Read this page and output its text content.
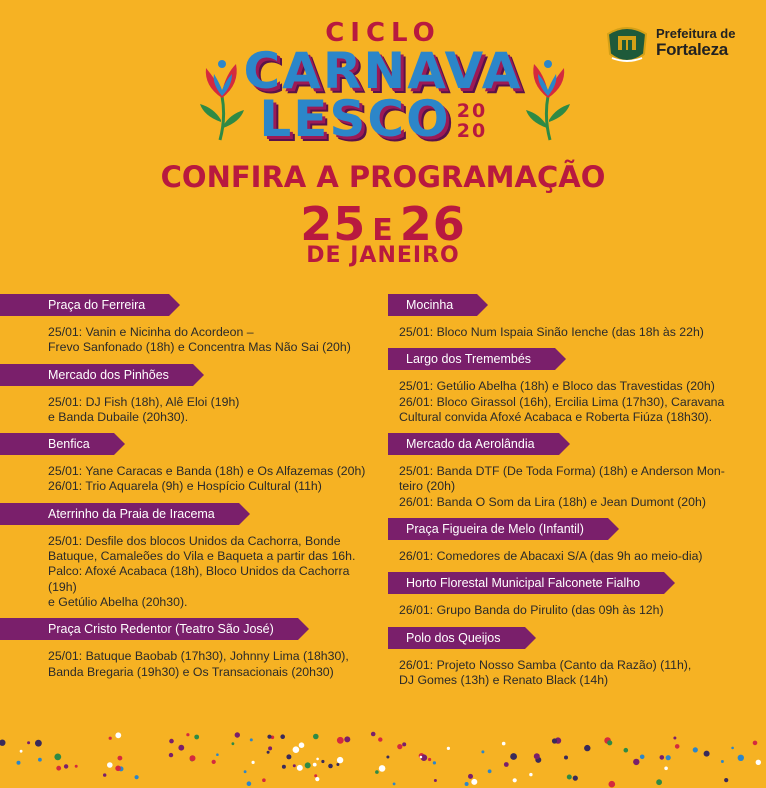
CICLO
CARNAVA
LESCO 20
20
Prefeitura de
Fortaleza
CONFIRA A PROGRAMAÇÃO
25 E 26
DE JANEIRO
Praça do Ferreira
25/01: Vanin e Nicinha do Acordeon –
Frevo Sanfonado (18h) e Concentra Mas Não Sai (20h)
Mercado dos Pinhões
25/01: DJ Fish (18h), Alê Eloi (19h)
e Banda Dubaile (20h30).
Benfica
25/01: Yane Caracas e Banda (18h) e Os Alfazemas (20h)
26/01: Trio Aquarela (9h) e Hospício Cultural (11h)
Aterrinho da Praia de Iracema
25/01: Desfile dos blocos Unidos da Cachorra, Bonde
Batuque, Camaleões do Vila e Baqueta a partir das 16h.
Palco: Afoxé Acabaca (18h), Bloco Unidos da Cachorra (19h)
e Getúlio Abelha (20h30).
Praça Cristo Redentor (Teatro São José)
25/01: Batuque Baobab (17h30), Johnny Lima (18h30),
Banda Bregaria (19h30) e Os Transacionais (20h30)
Mocinha
25/01: Bloco Num Ispaia Sinão Ienche (das 18h às 22h)
Largo dos Tremembés
25/01: Getúlio Abelha (18h) e Bloco das Travestidas (20h)
26/01: Bloco Girassol (16h), Ercilia Lima (17h30), Caravana
Cultural convida Afoxé Acabaca e Roberta Fiúza (18h30).
Mercado da Aerolândia
25/01: Banda DTF (De Toda Forma) (18h) e Anderson Mon-
teiro (20h)
26/01: Banda O Som da Lira (18h) e Jean Dumont (20h)
Praça Figueira de Melo (Infantil)
26/01: Comedores de Abacaxi S/A (das 9h ao meio-dia)
Horto Florestal Municipal Falconete Fialho
26/01: Grupo Banda do Pirulito (das 09h às 12h)
Polo dos Queijos
26/01: Projeto Nosso Samba (Canto da Razão) (11h),
DJ Gomes (13h) e Renato Black (14h)
